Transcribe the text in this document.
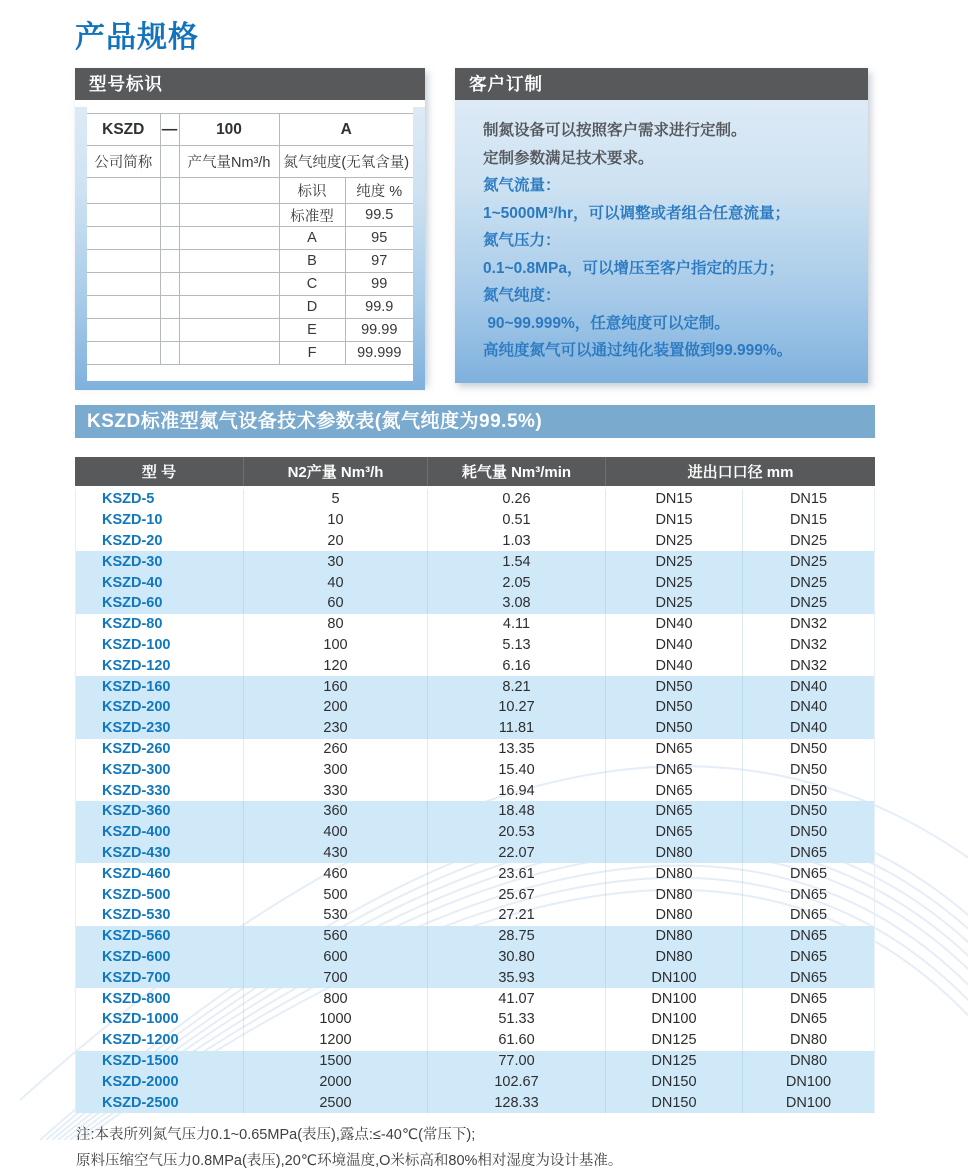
产品规格
型号标识

KSZD	—	100	A	
公司简称		产气量Nm³/h	氮气纯度(无氧含量)	
			标识	纯度 %
			标准型	99.5
			A	95
			B	97
			C	99
			D	99.9
			E	99.99
			F	99.999

客户订制
制氮设备可以按照客户需求进行定制。
定制参数满足技术要求。
氮气流量：
1~5000M³/hr，可以调整或者组合任意流量；
氮气压力：
0.1~0.8MPa，可以增压至客户指定的压力；
氮气纯度：
90~99.999%，任意纯度可以定制。
高纯度氮气可以通过纯化装置做到99.999%。
KSZD标准型氮气设备技术参数表(氮气纯度为99.5%)
型 号	N2产量 Nm³/h	耗气量 Nm³/min	进出口口径 mm
KSZD-5	5	0.26	DN15	DN15
KSZD-10	10	0.51	DN15	DN15
KSZD-20	20	1.03	DN25	DN25
KSZD-30	30	1.54	DN25	DN25
KSZD-40	40	2.05	DN25	DN25
KSZD-60	60	3.08	DN25	DN25
KSZD-80	80	4.11	DN40	DN32
KSZD-100	100	5.13	DN40	DN32
KSZD-120	120	6.16	DN40	DN32
KSZD-160	160	8.21	DN50	DN40
KSZD-200	200	10.27	DN50	DN40
KSZD-230	230	11.81	DN50	DN40
KSZD-260	260	13.35	DN65	DN50
KSZD-300	300	15.40	DN65	DN50
KSZD-330	330	16.94	DN65	DN50
KSZD-360	360	18.48	DN65	DN50
KSZD-400	400	20.53	DN65	DN50
KSZD-430	430	22.07	DN80	DN65
KSZD-460	460	23.61	DN80	DN65
KSZD-500	500	25.67	DN80	DN65
KSZD-530	530	27.21	DN80	DN65
KSZD-560	560	28.75	DN80	DN65
KSZD-600	600	30.80	DN80	DN65
KSZD-700	700	35.93	DN100	DN65
KSZD-800	800	41.07	DN100	DN65
KSZD-1000	1000	51.33	DN100	DN65
KSZD-1200	1200	61.60	DN125	DN80
KSZD-1500	1500	77.00	DN125	DN80
KSZD-2000	2000	102.67	DN150	DN100
KSZD-2500	2500	128.33	DN150	DN100

注:本表所列氮气压力0.1~0.65MPa(表压),露点:≤-40℃(常压下);

原料压缩空气压力0.8MPa(表压),20℃环境温度,O米标高和80%相对湿度为设计基准。
